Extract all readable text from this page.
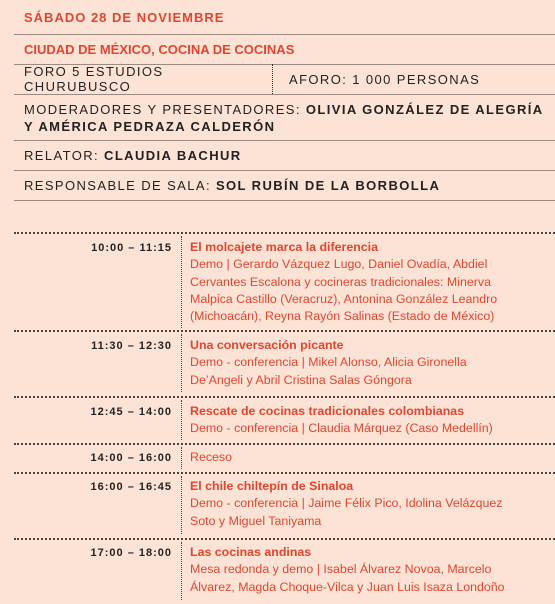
SÁBADO 28 DE NOVIEMBRE
CIUDAD DE MÉXICO, COCINA DE COCINAS
FORO 5 ESTUDIOS CHURUBUSCO	AFORO: 1 000 PERSONAS
MODERADORES Y PRESENTADORES: OLIVIA GONZÁLEZ DE ALEGRÍA
Y AMÉRICA PEDRAZA CALDERÓN
RELATOR: CLAUDIA BACHUR
RESPONSABLE DE SALA: SOL RUBÍN DE LA BORBOLLA
10:00 – 11:15 El molcajete marca la diferencia
Demo | Gerardo Vázquez Lugo, Daniel Ovadía, Abdiel
Cervantes Escalona y cocineras tradicionales: Minerva
Malpica Castillo (Veracruz), Antonina González Leandro
(Michoacán), Reyna Rayón Salinas (Estado de México)
11:30 – 12:30 Una conversación picante
Demo - conferencia | Mikel Alonso, Alicia Gironella
De’Angeli y Abril Cristina Salas Góngora
12:45 – 14:00 Rescate de cocinas tradicionales colombianas
Demo - conferencia | Claudia Márquez (Caso Medellín)
14:00 – 16:00 Receso
16:00 – 16:45 El chile chiltepín de Sinaloa
Demo - conferencia | Jaime Félix Pico, Idolina Velázquez
Soto y Miguel Taniyama
17:00 – 18:00 Las cocinas andinas
Mesa redonda y demo | Isabel Álvarez Novoa, Marcelo
Álvarez, Magda Choque-Vilca y Juan Luis Isaza Londoño
